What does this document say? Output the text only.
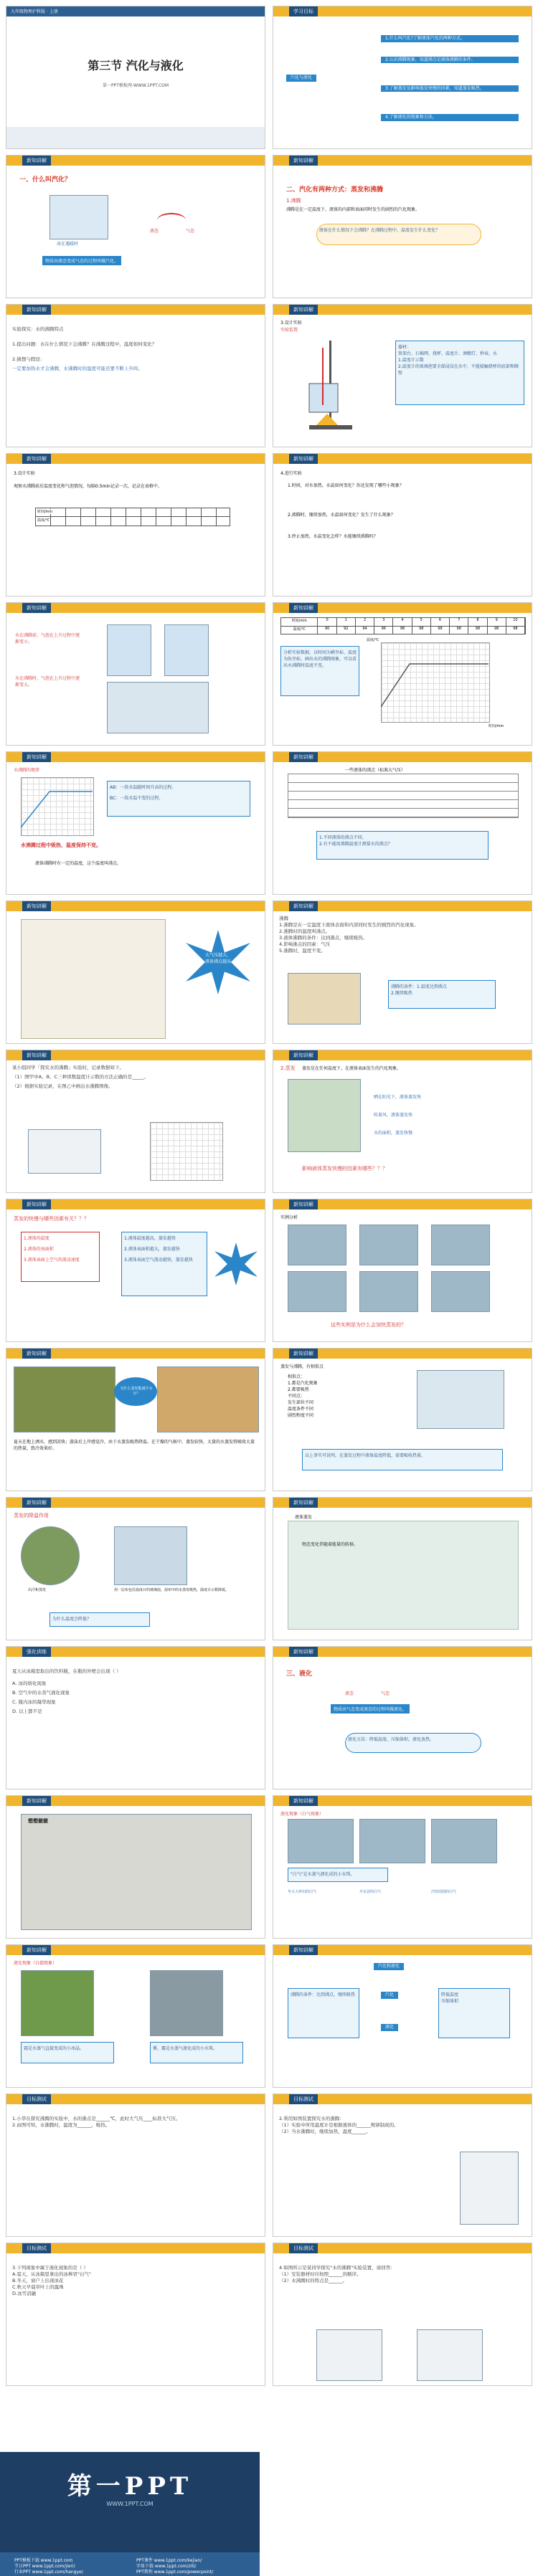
九年级物理沪科版 · 上册
第三节 汽化与液化
第一PPT模板网-WWW.1PPT.COM
学习目标
汽化与液化
1.什么叫汽化?了解液体汽化的两种方式。
2.认识沸腾现象，知道沸点是液体沸腾的条件。
3.了解蒸发及影响蒸发快慢的因素，知道蒸发吸热。
4.了解液化的现象和方法。
新知讲解
一、什么叫汽化？
冰在遇暖时
液态	气态
物质由液态变成气态的过程叫做汽化。
新知讲解
二、汽化有两种方式：蒸发和沸腾
1.沸腾
沸腾是在一定温度下，液体的内部和表面同时发生的剧烈的汽化现象。
液体在什么情况下会沸腾？在沸腾过程中，温度发生什么变化？
新知讲解
实验探究：水的沸腾特点
1.提出问题：水在什么情况下会沸腾？在沸腾过程中，温度如何变化？
2.猜想与假设：
一定要加热水才会沸腾，水沸腾时的温度可能还要不断上升吗。
新知讲解
3.设计实验
实验装置
器材：
铁架台、石棉网、烧杯、温度计、酒精灯、秒表、水
1.温度计示数
2.温度计的玻璃泡要全部浸没在水中，不能接触烧杯的底部和侧壁
新知讲解
3.设计实验
观察水沸腾前后温度变化和气泡情况，每隔0.5min记录一次，记录在表格中。
时间/min
温度/℃
新知讲解
4.进行实验
1.时间，对水加热，水温如何变化？你还发现了哪些小现象？
2.沸腾时，继续加热，水温如何变化？发生了什么现象？
3.停止加热，水温变化怎样？水能继续沸腾吗？
新知讲解
水在沸腾前，气泡在上升过程中逐渐变小。
水在沸腾时，气泡在上升过程中逐渐变大。
新知讲解
时间/min	0	1	2	3	4	5	6	7	8	9	10
温度/℃	90	92	94	96	98	98	98	98	98	98	98
分析实验数据，以时间为横坐标、温度为纵坐标，画出水的沸腾图象，可以看出水沸腾时温度不变。
温度/℃
时间/min
新知讲解
水沸腾的规律
AB：一段水温随时间升高的过程。
BC：一段水温不变的过程。
水沸腾过程中吸热，温度保持不变。
液体沸腾时有一定的温度，这个温度叫沸点。
新知讲解
一些液体的沸点（标准大气压）
1.不同液体的沸点不同。
2.有不能用沸腾温度计测量水的沸点？
新知讲解
大气压越大，液体沸点越高
新知讲解
沸腾
1.沸腾是在一定温度下液体表面和内部同时发生的剧烈的汽化现象。
2.沸腾时的温度叫沸点。
3.液体沸腾的条件：达到沸点，继续吸热。
4.影响沸点的因素：气压
5.沸腾时，温度不变。
沸腾的条件：1.温度达到沸点
2.继续吸热
新知讲解
某小组同学「探究水的沸腾」实验时，记录数据如下。
（1）图甲中A、B、C三种读数温度计示数的方法正确的是_____。
（2）根据实验记录，在图乙中画出水沸腾图像。
新知讲解
2.蒸发 蒸发是在任何温度下，在液体表面发生的汽化现象。
晒在阳光下，液体蒸发快
吹着风，液体蒸发快
水的面积，蒸发快慢
影响液体蒸发快慢的因素有哪些？？？
新知讲解
蒸发的快慢与哪些因素有关？？？
1.液体的温度
2.液体的表面积
3.液体表面上空气的流动速度
1.液体温度越高，蒸发越快
2.液体表面积越大，蒸发越快
3.液体表面空气流动越快，蒸发越快
新知讲解
实例分析
这些实例是为什么会加快蒸发的？
新知讲解
为什么蒸发能减少水分？
夏天在地上洒水，感到凉快；游泳后上岸感觉冷，由于水蒸发吸热降温。在干燥的气候中，蒸发较快，大量的水蒸发将吸收大量的热量，致冷效果好。
新知讲解
蒸发与沸腾，有相似点
相似点：
1.都是汽化现象
2.都要吸热
不同点：
发生部位不同
温度条件不同
剧烈程度不同
以上事实可说明，在蒸发过程中液体温度降低，需要吸收热量。
新知讲解
蒸发的降温作用
用一层布包住温度计的玻璃泡，湿布中的水蒸发吸热，温度计示数降低。
为什么温度会降低？
出汗和蒸发
新知讲解
液体蒸发
物态变化伴随着能量的转移。
强化训练
夏天从冰箱里取出的饮料瓶，在瓶的外壁会出现（ ）
A. 冰的熔化现象
B. 空气中的水蒸气液化现象
C. 瓶内冰的凝华现象
D. 以上都不是
新知讲解
三、液化
液态	气态
物质由气态变成液态的过程叫做液化。
液化方法：降低温度、压缩体积。液化放热。
新知讲解
想想做做
新知讲解
液化现象（白气现象）
"白气"是水蒸气液化成的小水珠。
冬天人呼出的白气	开水冒的白气	冷饮周围的白气
新知讲解
液化现象（白霜现象）
霜是水蒸气直接变成的小冰晶。	雾、露是水蒸气液化成的小水珠。
新知讲解
汽化和液化
沸腾的条件：达到沸点，继续吸热	汽化
液化
降低温度
压缩体积
目标测试
1.小华在探究沸腾的实验中，水的沸点是______℃，此时大气压____标准大气压。
2.由图可知，水沸腾时，温度为______，吸热。
目标测试
2.利用如图装置探究水的沸腾：
（1）实验中所用温度计是根据液体的______规律制成的。
（2）当水沸腾时，继续加热，温度______。
目标测试
3.下列现象中属于液化现象的是（ ）
A.夏天，从冰箱里拿出的冰棒冒"白气"
B.冬天，窗户上出现冰花
C.秋天早晨草叶上的露珠
D.冰雪消融
目标测试
4.如图所示是某同学探究"水的沸腾"实验装置，请回答：
（1）安装器材时应按照______的顺序。
（2）水沸腾时的特点是______。
第一PPT
WWW.1PPT.COM
PPT模板下载 www.1ppt.com
节日PPT www.1ppt.com/jieri/
行业PPT www.1ppt.com/hangye/
PPT课件 www.1ppt.com/kejian/
字体下载 www.1ppt.com/ziti/
PPT教程 www.1ppt.com/powerpoint/
